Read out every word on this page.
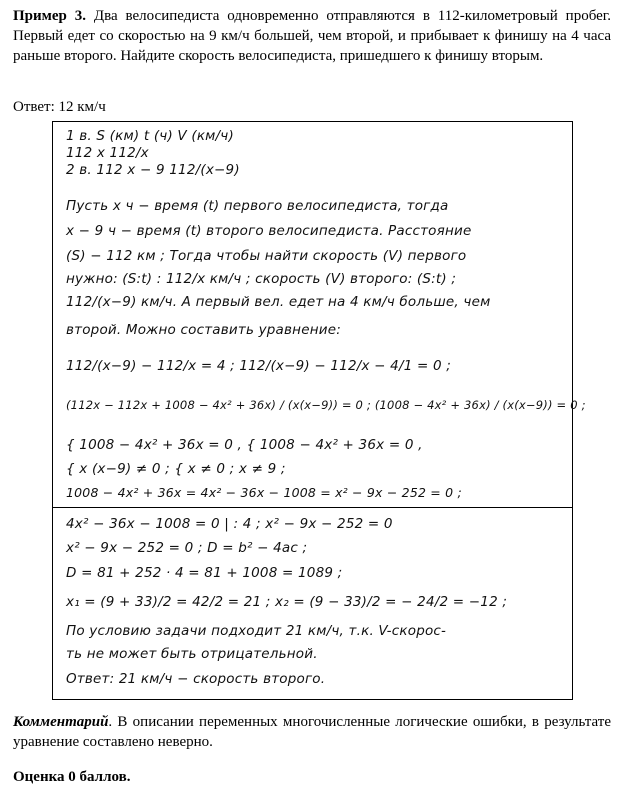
Пример 3. Два велосипедиста одновременно отправляются в 112-километровый пробег. Первый едет со скоростью на 9 км/ч большей, чем второй, и прибывает к финишу на 4 часа раньше второго. Найдите скорость велосипедиста, пришедшего к финишу вторым.
Ответ: 12 км/ч
1 в. S (км) t (ч) V (км/ч)
112 x 112/x
2 в. 112 x − 9 112/(x−9)
Пусть x ч − время (t) первого велосипедиста, тогда
x − 9 ч − время (t) второго велосипедиста. Расстояние
(S) − 112 км ; Тогда чтобы найти скорость (V) первого
нужно: (S:t) : 112/x км/ч ; скорость (V) второго: (S:t) ;
112/(x−9) км/ч. А первый вел. едет на 4 км/ч больше, чем
второй. Можно составить уравнение:
112/(x−9) − 112/x = 4 ; 112/(x−9) − 112/x − 4/1 = 0 ;
(112x − 112x + 1008 − 4x² + 36x) / (x(x−9)) = 0 ; (1008 − 4x² + 36x) / (x(x−9)) = 0 ;
{ 1008 − 4x² + 36x = 0 , { 1008 − 4x² + 36x = 0 ,
{ x (x−9) ≠ 0 ; { x ≠ 0 ; x ≠ 9 ;
1008 − 4x² + 36x = 4x² − 36x − 1008 = x² − 9x − 252 = 0 ;
4x² − 36x − 1008 = 0 | : 4 ; x² − 9x − 252 = 0
x² − 9x − 252 = 0 ; D = b² − 4ac ;
D = 81 + 252 · 4 = 81 + 1008 = 1089 ;
x₁ = (9 + 33)/2 = 42/2 = 21 ; x₂ = (9 − 33)/2 = − 24/2 = −12 ;
По условию задачи подходит 21 км/ч, т.к. V-скорос-
ть не может быть отрицательной.
Ответ: 21 км/ч − скорость второго.
Комментарий. В описании переменных многочисленные логические ошибки, в результате уравнение составлено неверно.
Оценка 0 баллов.
